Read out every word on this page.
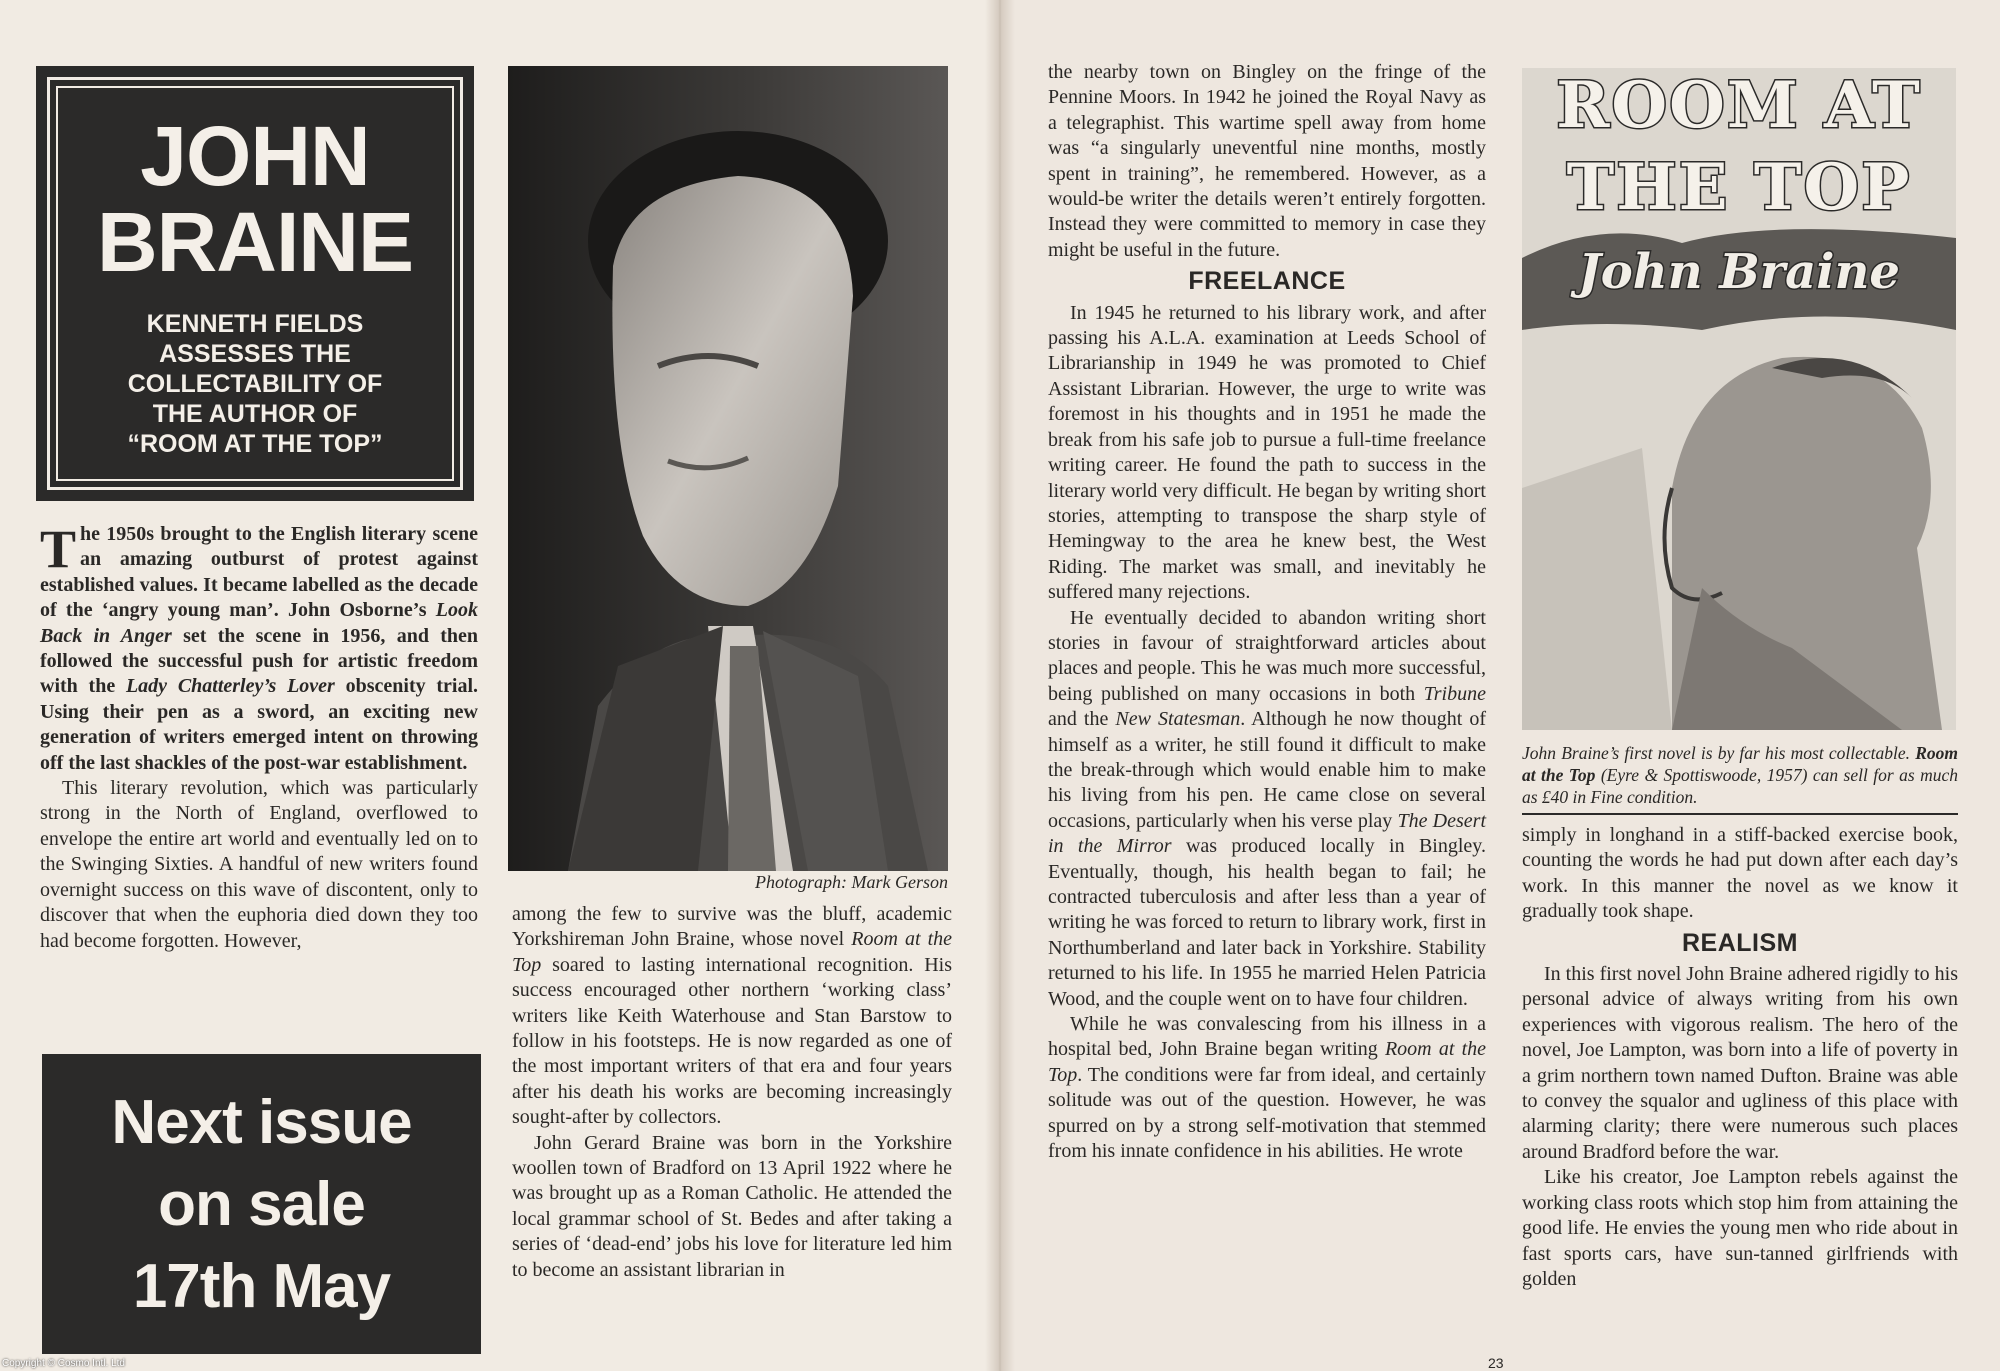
JOHN
BRAINE
KENNETH FIELDS
ASSESSES THE
COLLECTABILITY OF
THE AUTHOR OF
“ROOM AT THE TOP”

The 1950s brought to the English literary scene an amazing outburst of protest against established values. It became labelled as the decade of the ‘angry young man’. John Osborne’s Look Back in Anger set the scene in 1956, and then followed the successful push for artistic freedom with the Lady Chatterley’s Lover obscenity trial. Using their pen as a sword, an exciting new generation of writers emerged intent on throwing off the last shackles of the post-war establishment.

This literary revolution, which was particularly strong in the North of England, overflowed to envelope the entire art world and eventually led on to the Swinging Sixties. A handful of new writers found overnight success on this wave of discontent, only to discover that when the euphoria died down they too had become forgotten. However,

Next issue
on sale
17th May
Photograph: Mark Gerson

among the few to survive was the bluff, academic Yorkshireman John Braine, whose novel Room at the Top soared to lasting international recognition. His success encouraged other northern ‘working class’ writers like Keith Waterhouse and Stan Barstow to follow in his footsteps. He is now regarded as one of the most important writers of that era and four years after his death his works are becoming increasingly sought-after by collectors.

John Gerard Braine was born in the Yorkshire woollen town of Bradford on 13 April 1922 where he was brought up as a Roman Catholic. He attended the local grammar school of St. Bedes and after taking a series of ‘dead-end’ jobs his love for literature led him to become an assistant librarian in

the nearby town on Bingley on the fringe of the Pennine Moors. In 1942 he joined the Royal Navy as a telegraphist. This wartime spell away from home was “a singularly uneventful nine months, mostly spent in training”, he remembered. However, as a would-be writer the details weren’t entirely forgotten. Instead they were committed to memory in case they might be useful in the future.

FREELANCE

In 1945 he returned to his library work, and after passing his A.L.A. examination at Leeds School of Librarianship in 1949 he was promoted to Chief Assistant Librarian. However, the urge to write was foremost in his thoughts and in 1951 he made the break from his safe job to pursue a full-time freelance writing career. He found the path to success in the literary world very difficult. He began by writing short stories, attempting to transpose the sharp style of Hemingway to the area he knew best, the West Riding. The market was small, and inevitably he suffered many rejections.

He eventually decided to abandon writing short stories in favour of straightforward articles about places and people. This he was much more successful, being published on many occasions in both Tribune and the New Statesman. Although he now thought of himself as a writer, he still found it difficult to make the break-through which would enable him to make his living from his pen. He came close on several occasions, particularly when his verse play The Desert in the Mirror was produced locally in Bingley. Eventually, though, his health began to fail; he contracted tuberculosis and after less than a year of writing he was forced to return to library work, first in Northumberland and later back in Yorkshire. Stability returned to his life. In 1955 he married Helen Patricia Wood, and the couple went on to have four children.

While he was convalescing from his illness in a hospital bed, John Braine began writing Room at the Top. The conditions were far from ideal, and certainly solitude was out of the question. However, he was spurred on by a strong self-motivation that stemmed from his innate confidence in his abilities. He wrote

ROOM AT
THE TOP
John Braine
John Braine’s first novel is by far his most collectable. Room at the Top (Eyre & Spottiswoode, 1957) can sell for as much as £40 in Fine condition.

simply in longhand in a stiff-backed exercise book, counting the words he had put down after each day’s work. In this manner the novel as we know it gradually took shape.

REALISM

In this first novel John Braine adhered rigidly to his personal advice of always writing from his own experiences with vigorous realism. The hero of the novel, Joe Lampton, was born into a life of poverty in a grim northern town named Dufton. Braine was able to convey the squalor and ugliness of this place with alarming clarity; there were numerous such places around Bradford before the war.

Like his creator, Joe Lampton rebels against the working class roots which stop him from attaining the good life. He envies the young men who ride about in fast sports cars, have sun-tanned girlfriends with golden

Copyright © Cosmo Intl. Ltd	23
